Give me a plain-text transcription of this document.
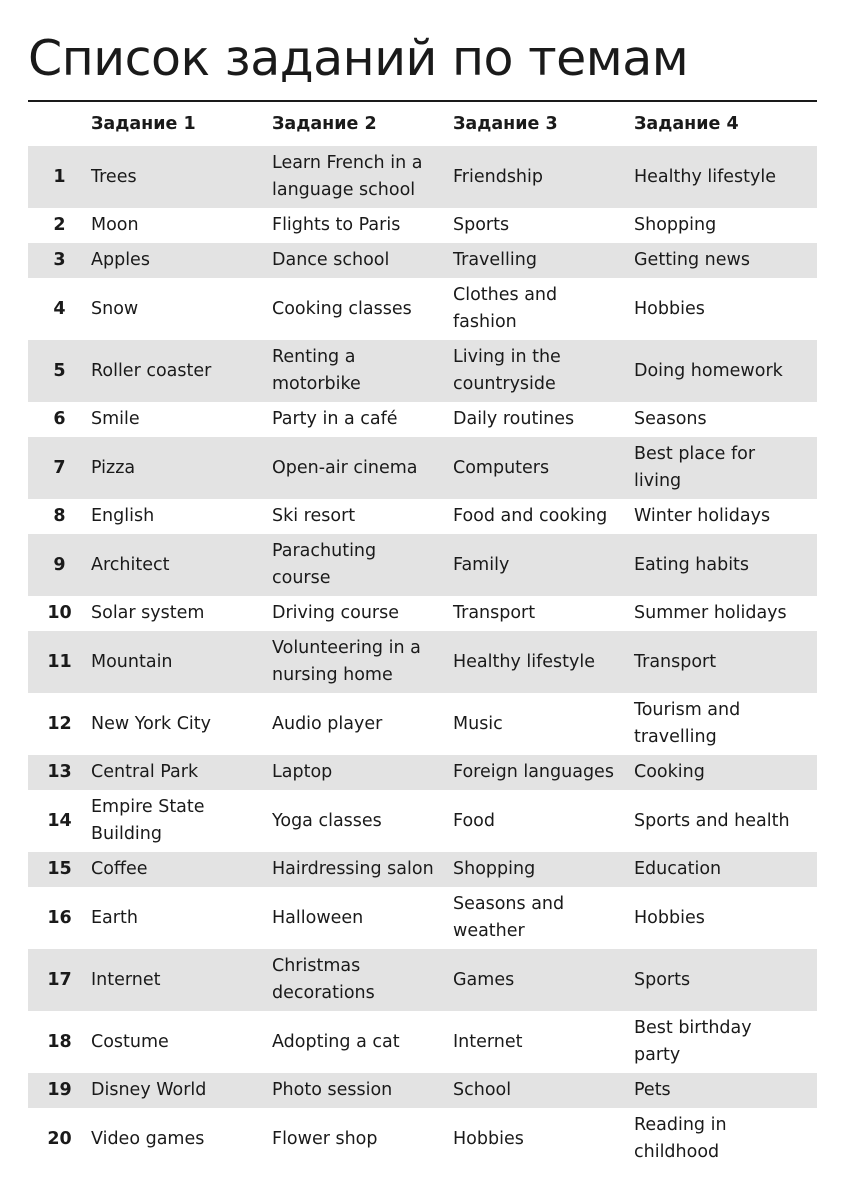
Список заданий по темам
	Задание 1	Задание 2	Задание 3	Задание 4
1	Trees	Learn French in a
language school	Friendship	Healthy lifestyle
2	Moon	Flights to Paris	Sports	Shopping
3	Apples	Dance school	Travelling	Getting news
4	Snow	Cooking classes	Clothes and
fashion	Hobbies
5	Roller coaster	Renting a
motorbike	Living in the
countryside	Doing homework
6	Smile	Party in a café	Daily routines	Seasons
7	Pizza	Open-air cinema	Computers	Best place for
living
8	English	Ski resort	Food and cooking	Winter holidays
9	Architect	Parachuting
course	Family	Eating habits
10	Solar system	Driving course	Transport	Summer holidays
11	Mountain	Volunteering in a
nursing home	Healthy lifestyle	Transport
12	New York City	Audio player	Music	Tourism and
travelling
13	Central Park	Laptop	Foreign languages	Cooking
14	Empire State
Building	Yoga classes	Food	Sports and health
15	Coffee	Hairdressing salon	Shopping	Education
16	Earth	Halloween	Seasons and
weather	Hobbies
17	Internet	Christmas
decorations	Games	Sports
18	Costume	Adopting a cat	Internet	Best birthday
party
19	Disney World	Photo session	School	Pets
20	Video games	Flower shop	Hobbies	Reading in
childhood
